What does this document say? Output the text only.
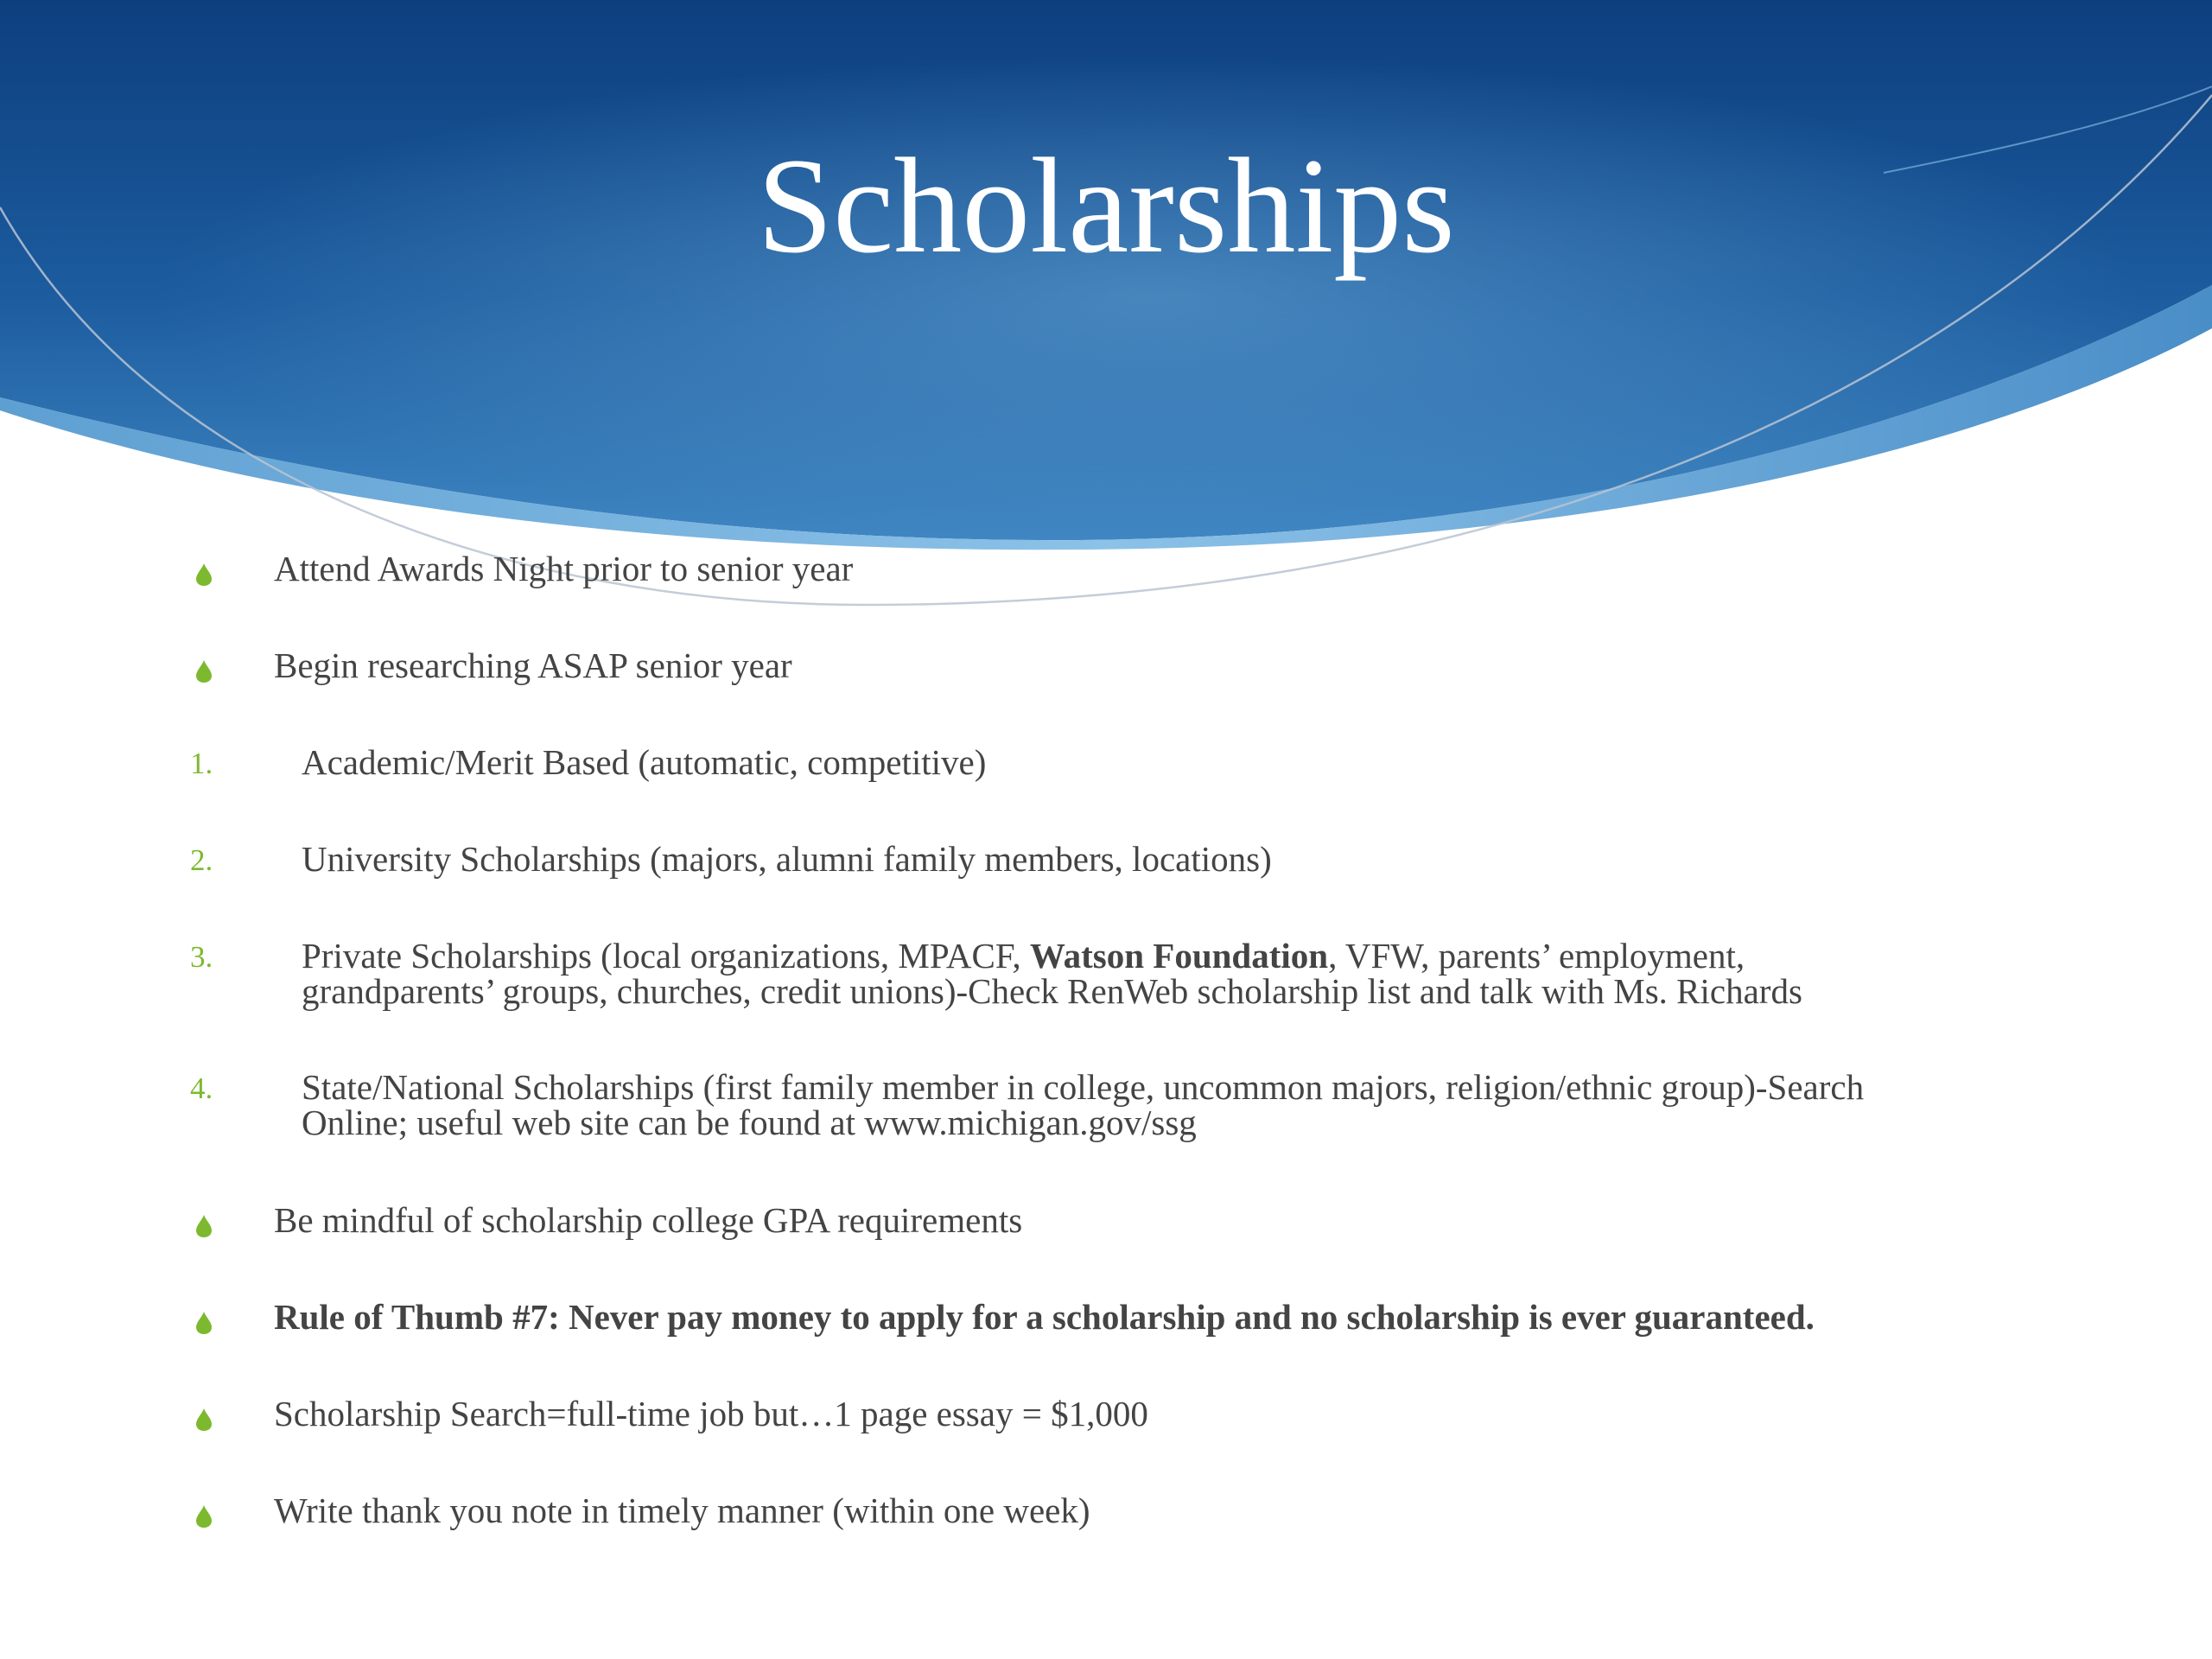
Scholarships
Attend Awards Night prior to senior year
Begin researching ASAP senior year
1.	Academic/Merit Based (automatic, competitive)
2.	University Scholarships (majors, alumni family members, locations)
3.	Private Scholarships (local organizations, MPACF, Watson Foundation, VFW, parents’ employment,
grandparents’ groups, churches, credit unions)-Check RenWeb scholarship list and talk with Ms. Richards
4.	State/National Scholarships (first family member in college, uncommon majors, religion/ethnic group)-Search
Online; useful web site can be found at www.michigan.gov/ssg
Be mindful of scholarship college GPA requirements
Rule of Thumb #7: Never pay money to apply for a scholarship and no scholarship is ever guaranteed.
Scholarship Search=full-time job but…1 page essay = $1,000
Write thank you note in timely manner (within one week)
